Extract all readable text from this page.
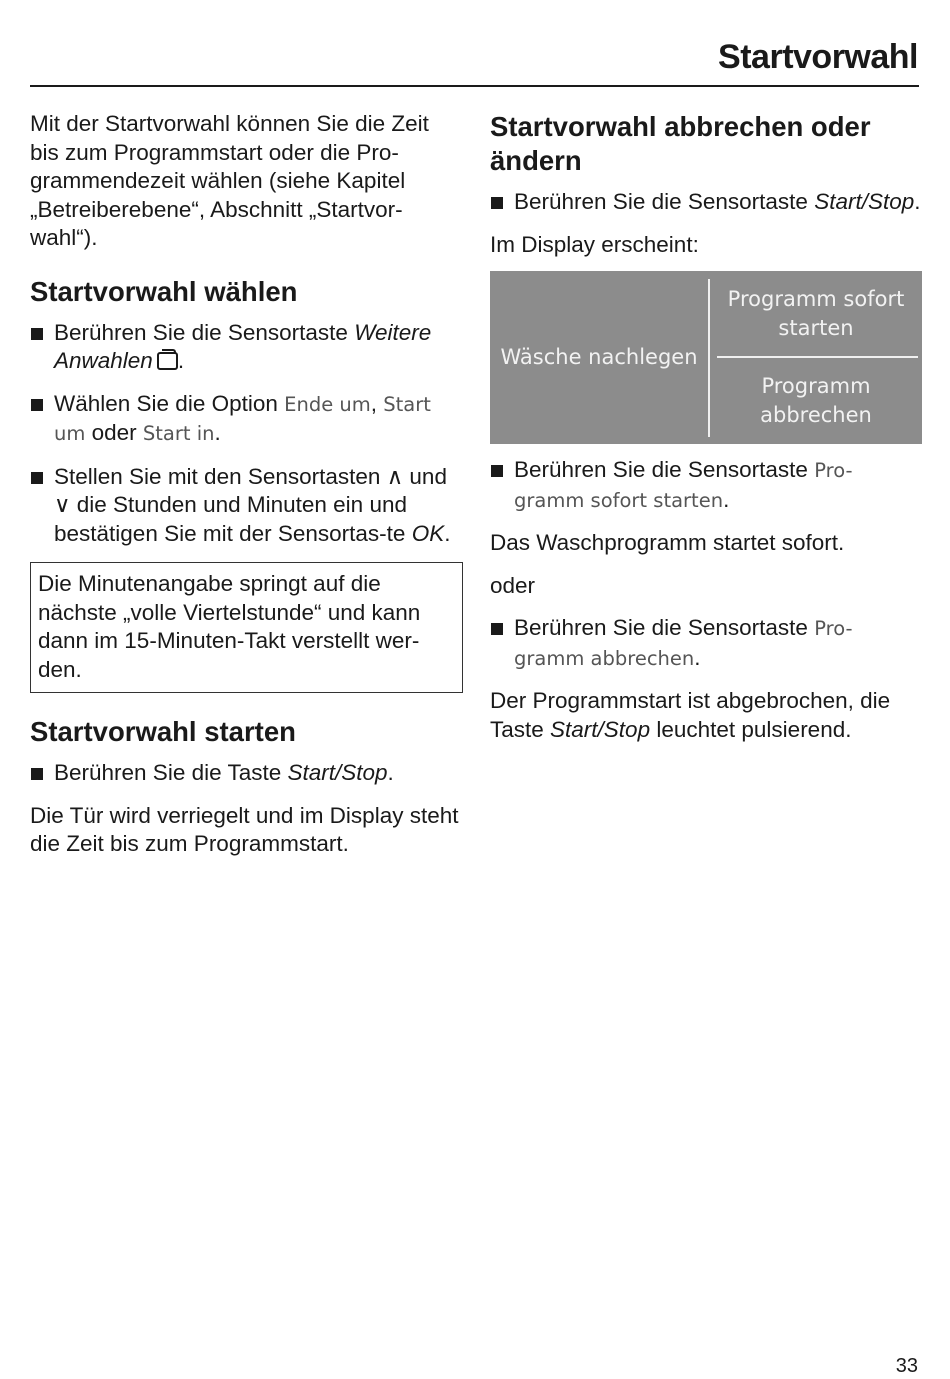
Startvorwahl

Mit der Startvorwahl können Sie die Zeit bis zum Programmstart oder die Pro-grammendezeit wählen (siehe Kapitel „Betreiberebene“, Abschnitt „Startvor-wahl“).

Startvorwahl wählen
Berühren Sie die Sensortaste Weitere Anwahlen .
Wählen Sie die Option Ende um, Start um oder Start in.
Stellen Sie mit den Sensortasten ∧ und ∨ die Stunden und Minuten ein und bestätigen Sie mit der Sensortas-te OK.
Die Minutenangabe springt auf die nächste „volle Viertelstunde“ und kann dann im 15-Minuten-Takt verstellt wer-den.
Startvorwahl starten
Berühren Sie die Taste Start/Stop.

Die Tür wird verriegelt und im Display steht die Zeit bis zum Programmstart.

Startvorwahl abbrechen oder ändern
Berühren Sie die Sensortaste Start/Stop.

Im Display erscheint:

Wäsche nachlegen
Programm sofort starten
Programm abbrechen
Berühren Sie die Sensortaste Pro-gramm sofort starten.

Das Waschprogramm startet sofort.

oder

Berühren Sie die Sensortaste Pro-gramm abbrechen.

Der Programmstart ist abgebrochen, die Taste Start/Stop leuchtet pulsierend.

33
